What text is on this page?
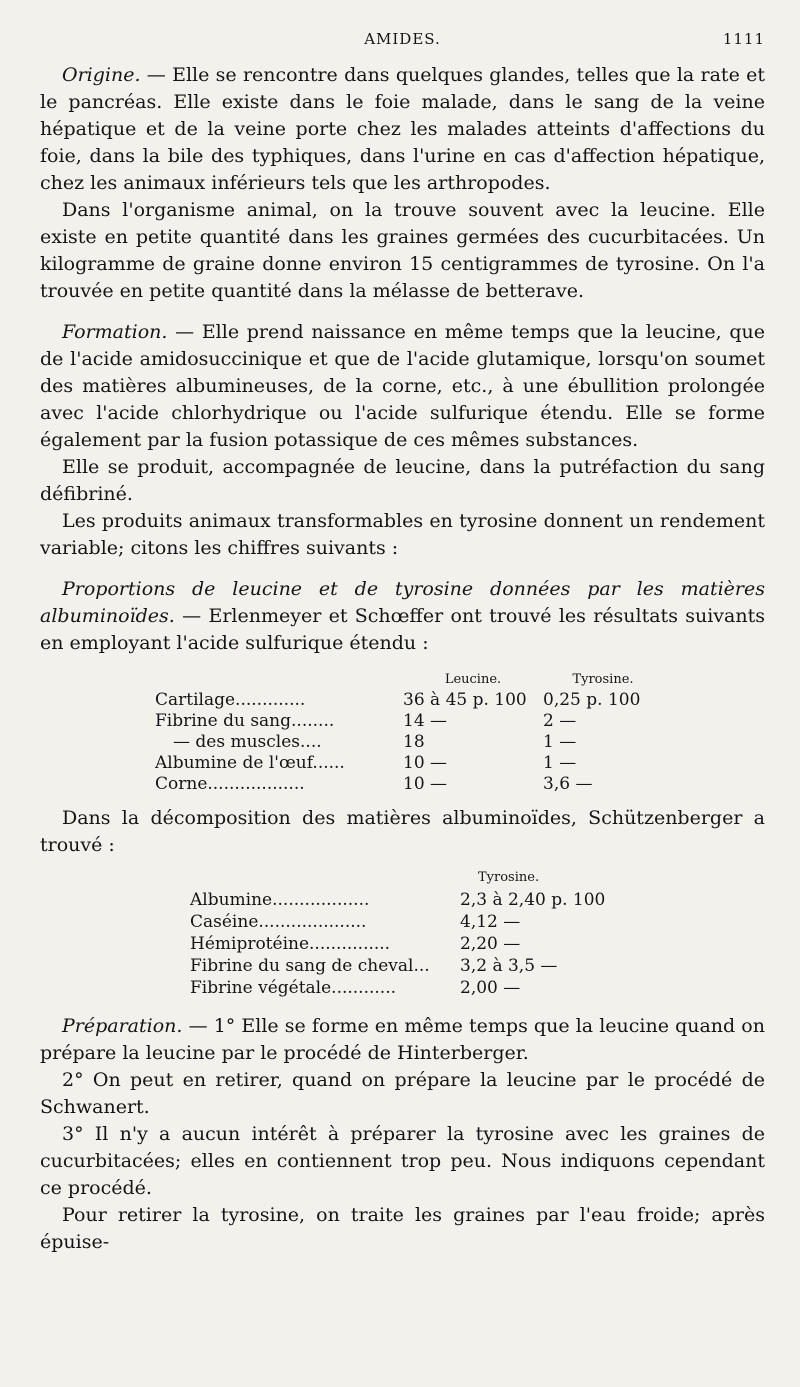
AMIDES.	1111

Origine. — Elle se rencontre dans quelques glandes, telles que la rate et le pancréas. Elle existe dans le foie malade, dans le sang de la veine hépatique et de la veine porte chez les malades atteints d'affections du foie, dans la bile des typhiques, dans l'urine en cas d'affection hépatique, chez les animaux inférieurs tels que les arthropodes.

Dans l'organisme animal, on la trouve souvent avec la leucine. Elle existe en petite quantité dans les graines germées des cucurbitacées. Un kilogramme de graine donne environ 15 centigrammes de tyrosine. On l'a trouvée en petite quantité dans la mélasse de betterave.

Formation. — Elle prend naissance en même temps que la leucine, que de l'acide amidosuccinique et que de l'acide glutamique, lorsqu'on soumet des matières albumineuses, de la corne, etc., à une ébullition prolongée avec l'acide chlorhydrique ou l'acide sulfurique étendu. Elle se forme également par la fusion potassique de ces mêmes substances.

Elle se produit, accompagnée de leucine, dans la putréfaction du sang défibriné.

Les produits animaux transformables en tyrosine donnent un rendement variable; citons les chiffres suivants :

Proportions de leucine et de tyrosine données par les matières albuminoïdes. — Erlenmeyer et Schœffer ont trouvé les résultats suivants en employant l'acide sulfurique étendu :

	Leucine.	Tyrosine.
Cartilage.............	36 à 45 p. 100	0,25 p. 100
Fibrine du sang........	14 —	2 —
— des muscles....	18	1 —
Albumine de l'œuf......	10 —	1 —
Corne..................	10 —	3,6 —

Dans la décomposition des matières albuminoïdes, Schützenberger a trouvé :

	Tyrosine.
Albumine..................	2,3 à 2,40 p. 100
Caséine....................	4,12 —
Hémiprotéine...............	2,20 —
Fibrine du sang de cheval...	3,2 à 3,5 —
Fibrine végétale............	2,00 —

Préparation. — 1° Elle se forme en même temps que la leucine quand on prépare la leucine par le procédé de Hinterberger.

2° On peut en retirer, quand on prépare la leucine par le procédé de Schwanert.

3° Il n'y a aucun intérêt à préparer la tyrosine avec les graines de cucurbitacées; elles en contiennent trop peu. Nous indiquons cependant ce procédé.

Pour retirer la tyrosine, on traite les graines par l'eau froide; après épuise-
